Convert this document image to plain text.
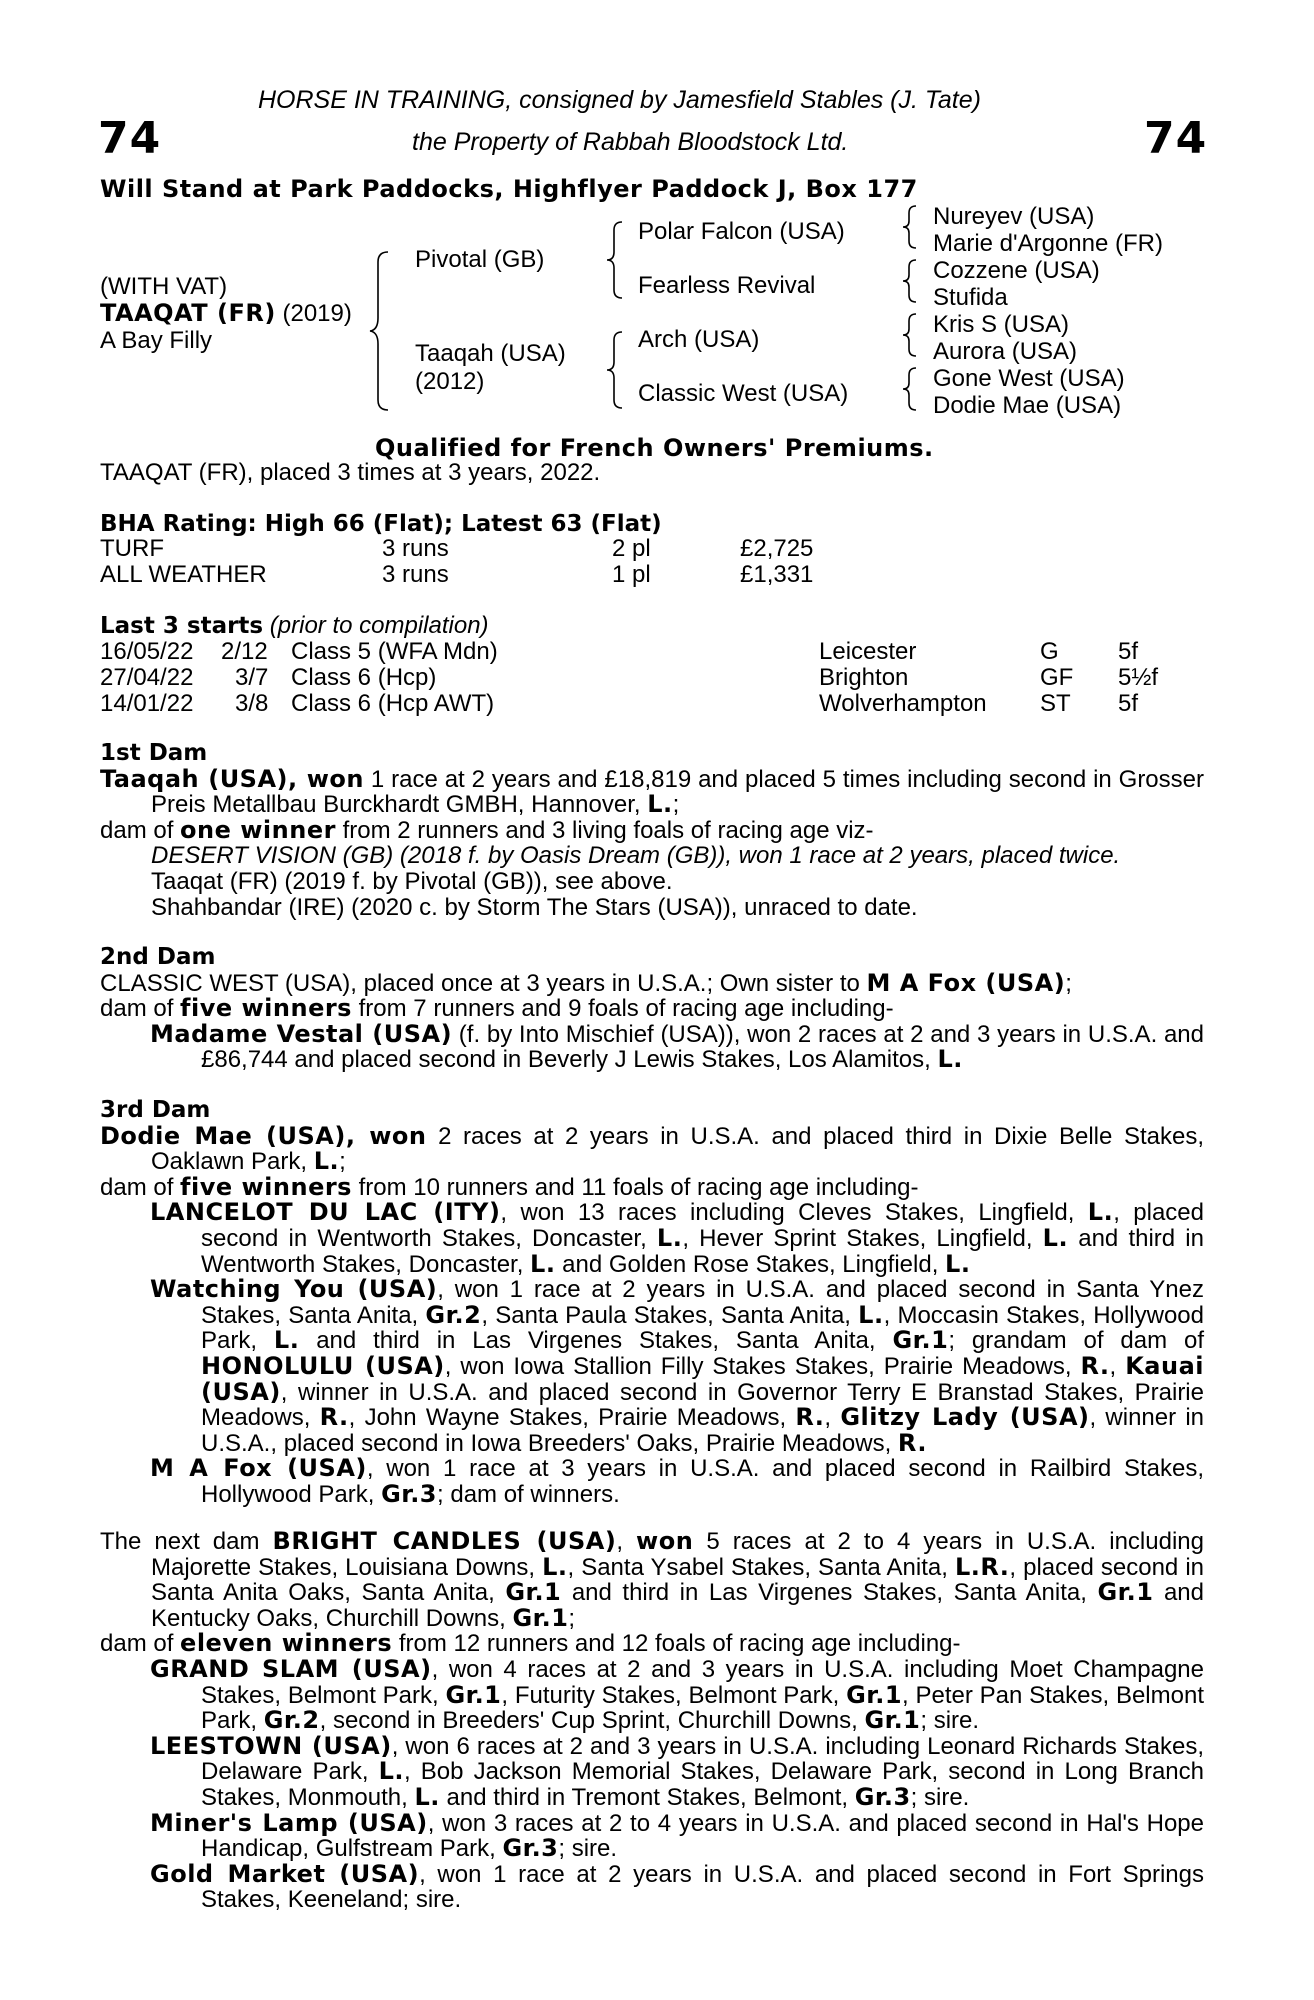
HORSE IN TRAINING, consigned by Jamesfield Stables (J. Tate)
the Property of Rabbah Bloodstock Ltd.
74	74
Will Stand at Park Paddocks, Highflyer Paddock J, Box 177
(WITH VAT)
TAAQAT (FR) (2019)
A Bay Filly
Pivotal (GB)
Taaqah (USA)
(2012)
Polar Falcon (USA)
Fearless Revival
Arch (USA)
Classic West (USA)
Nureyev (USA)
Marie d'Argonne (FR)
Cozzene (USA)
Stufida
Kris S (USA)
Aurora (USA)
Gone West (USA)
Dodie Mae (USA)
Qualified for French Owners' Premiums.
TAAQAT (FR), placed 3 times at 3 years, 2022.
BHA Rating: High 66 (Flat); Latest 63 (Flat)
TURF	3 runs	2 pl	£2,725
ALL WEATHER	3 runs	1 pl	£1,331
Last 3 starts (prior to compilation)
16/05/22 2/12 Class 5 (WFA Mdn)	Leicester	G 5f
27/04/22 3/7 Class 6 (Hcp)	Brighton	GF 5½f
14/01/22 3/8 Class 6 (Hcp AWT)	Wolverhampton ST 5f

1st Dam

Taaqah (USA), won 1 race at 2 years and £18,819 and placed 5 times including second in Grosser Preis Metallbau Burckhardt GMBH, Hannover, L.;

dam of one winner from 2 runners and 3 living foals of racing age viz-

DESERT VISION (GB) (2018 f. by Oasis Dream (GB)), won 1 race at 2 years, placed twice.

Taaqat (FR) (2019 f. by Pivotal (GB)), see above.

Shahbandar (IRE) (2020 c. by Storm The Stars (USA)), unraced to date.

2nd Dam

CLASSIC WEST (USA), placed once at 3 years in U.S.A.; Own sister to M A Fox (USA);

dam of five winners from 7 runners and 9 foals of racing age including-

Madame Vestal (USA) (f. by Into Mischief (USA)), won 2 races at 2 and 3 years in U.S.A. and £86,744 and placed second in Beverly J Lewis Stakes, Los Alamitos, L.

3rd Dam

Dodie Mae (USA), won 2 races at 2 years in U.S.A. and placed third in Dixie Belle Stakes, Oaklawn Park, L.;

dam of five winners from 10 runners and 11 foals of racing age including-

LANCELOT DU LAC (ITY), won 13 races including Cleves Stakes, Lingfield, L., placed second in Wentworth Stakes, Doncaster, L., Hever Sprint Stakes, Lingfield, L. and third in Wentworth Stakes, Doncaster, L. and Golden Rose Stakes, Lingfield, L.

Watching You (USA), won 1 race at 2 years in U.S.A. and placed second in Santa Ynez Stakes, Santa Anita, Gr.2, Santa Paula Stakes, Santa Anita, L., Moccasin Stakes, Hollywood Park, L. and third in Las Virgenes Stakes, Santa Anita, Gr.1; grandam of dam of HONOLULU (USA), won Iowa Stallion Filly Stakes Stakes, Prairie Meadows, R., Kauai (USA), winner in U.S.A. and placed second in Governor Terry E Branstad Stakes, Prairie Meadows, R., John Wayne Stakes, Prairie Meadows, R., Glitzy Lady (USA), winner in U.S.A., placed second in Iowa Breeders' Oaks, Prairie Meadows, R.

M A Fox (USA), won 1 race at 3 years in U.S.A. and placed second in Railbird Stakes, Hollywood Park, Gr.3; dam of winners.

The next dam BRIGHT CANDLES (USA), won 5 races at 2 to 4 years in U.S.A. including Majorette Stakes, Louisiana Downs, L., Santa Ysabel Stakes, Santa Anita, L.R., placed second in Santa Anita Oaks, Santa Anita, Gr.1 and third in Las Virgenes Stakes, Santa Anita, Gr.1 and Kentucky Oaks, Churchill Downs, Gr.1;

dam of eleven winners from 12 runners and 12 foals of racing age including-

GRAND SLAM (USA), won 4 races at 2 and 3 years in U.S.A. including Moet Champagne Stakes, Belmont Park, Gr.1, Futurity Stakes, Belmont Park, Gr.1, Peter Pan Stakes, Belmont Park, Gr.2, second in Breeders' Cup Sprint, Churchill Downs, Gr.1; sire.

LEESTOWN (USA), won 6 races at 2 and 3 years in U.S.A. including Leonard Richards Stakes, Delaware Park, L., Bob Jackson Memorial Stakes, Delaware Park, second in Long Branch Stakes, Monmouth, L. and third in Tremont Stakes, Belmont, Gr.3; sire.

Miner's Lamp (USA), won 3 races at 2 to 4 years in U.S.A. and placed second in Hal's Hope Handicap, Gulfstream Park, Gr.3; sire.

Gold Market (USA), won 1 race at 2 years in U.S.A. and placed second in Fort Springs Stakes, Keeneland; sire.
